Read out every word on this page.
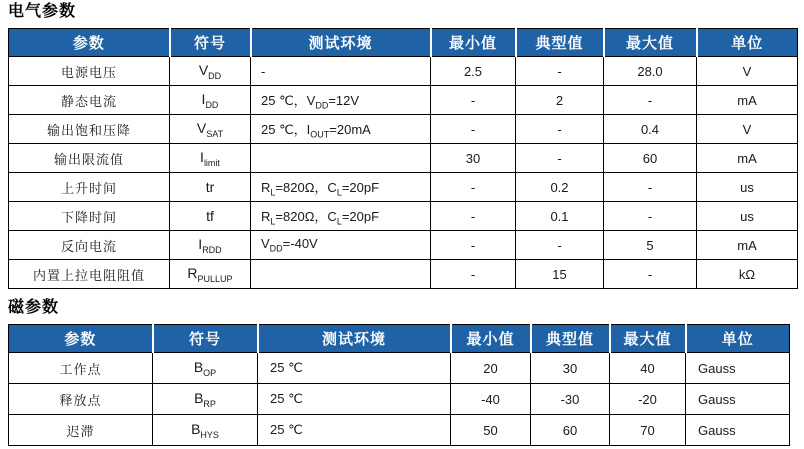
电气参数
参数	符号	测试环境	最小值	典型值	最大值	单位
电源电压	$V_{DD}$	-	2.5	-	28.0	V
静态电流	$I_{DD}$	25 ℃，$V_{DD}=12V$	-	2	-	mA
输出饱和压降	$V_{SAT}$	25 ℃，$I_{OUT}=20mA$	-	-	0.4	V
输出限流值	$I_{limit}$		30	-	60	mA
上升时间	tr	$R_L=820\Omega$，$C_L=20pF$	-	0.2	-	us
下降时间	tf	$R_L=820\Omega$，$C_L=20pF$	-	0.1	-	us
反向电流	$I_{RDD}$	$V_{DD}=-40V$	-	-	5	mA
内置上拉电阻阻值	$R_{PULLUP}$		-	15	-	kΩ
磁参数
参数	符号	测试环境	最小值	典型值	最大值	单位
工作点	$B_{OP}$	25 ℃	20	30	40	Gauss
释放点	$B_{RP}$	25 ℃	-40	-30	-20	Gauss
迟滞	$B_{HYS}$	25 ℃	50	60	70	Gauss
